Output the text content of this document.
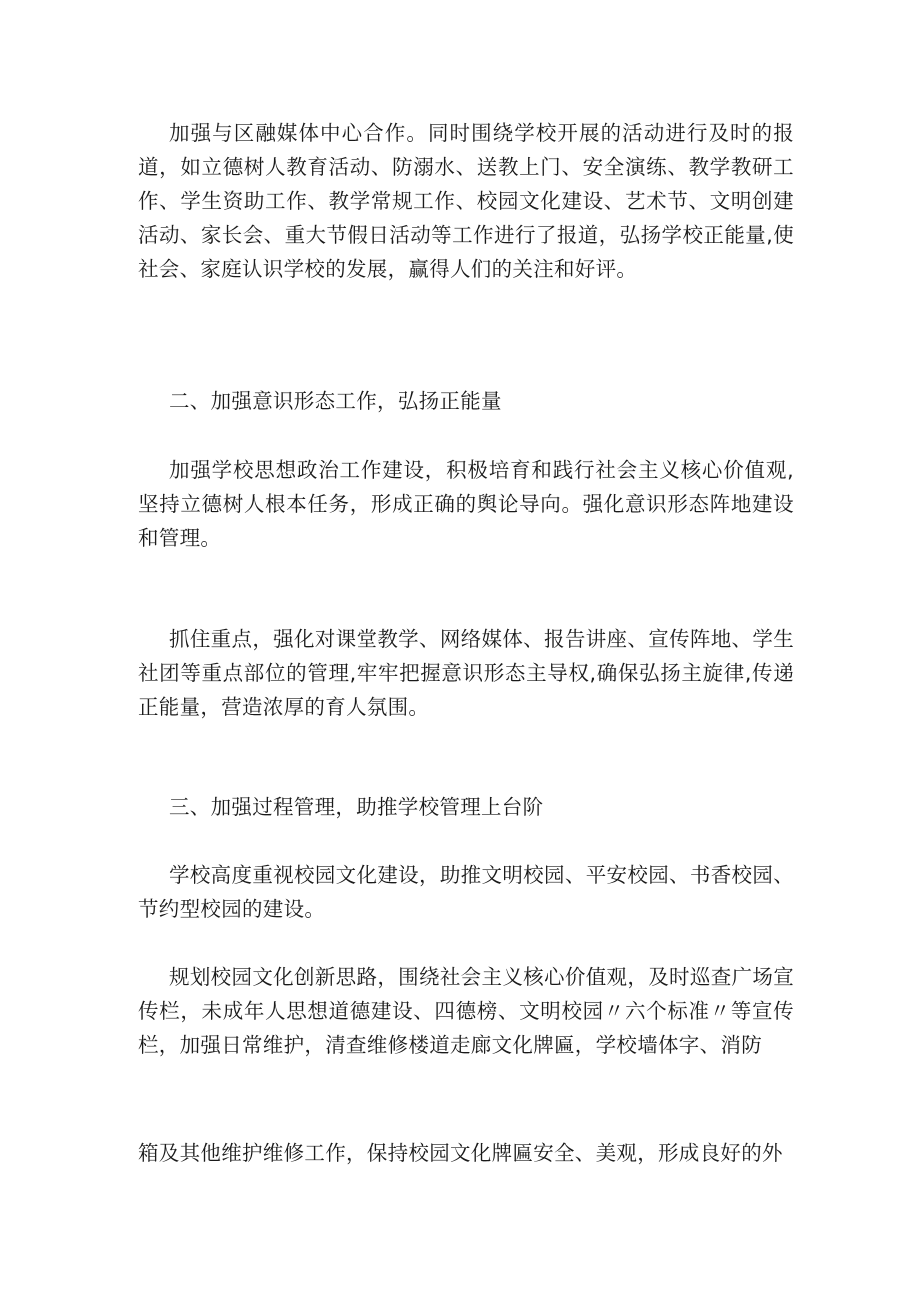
加强与区融媒体中心合作。同时围绕学校开展的活动进行及时的报道，如立德树人教育活动、防溺水、送教上门、安全演练、教学教研工作、学生资助工作、教学常规工作、校园文化建设、艺术节、文明创建活动、家长会、重大节假日活动等工作进行了报道，弘扬学校正能量,使社会、家庭认识学校的发展，赢得人们的关注和好评。

二、加强意识形态工作，弘扬正能量

加强学校思想政治工作建设，积极培育和践行社会主义核心价值观,坚持立德树人根本任务，形成正确的舆论导向。强化意识形态阵地建设和管理。

抓住重点，强化对课堂教学、网络媒体、报告讲座、宣传阵地、学生社团等重点部位的管理,牢牢把握意识形态主导权,确保弘扬主旋律,传递正能量，营造浓厚的育人氛围。

三、加强过程管理，助推学校管理上台阶

学校高度重视校园文化建设，助推文明校园、平安校园、书香校园、节约型校园的建设。

规划校园文化创新思路，围绕社会主义核心价值观，及时巡查广场宣传栏，未成年人思想道德建设、四德榜、文明校园〃六个标准〃等宣传栏，加强日常维护，清查维修楼道走廊文化牌匾，学校墙体字、消防

箱及其他维护维修工作，保持校园文化牌匾安全、美观，形成良好的外
